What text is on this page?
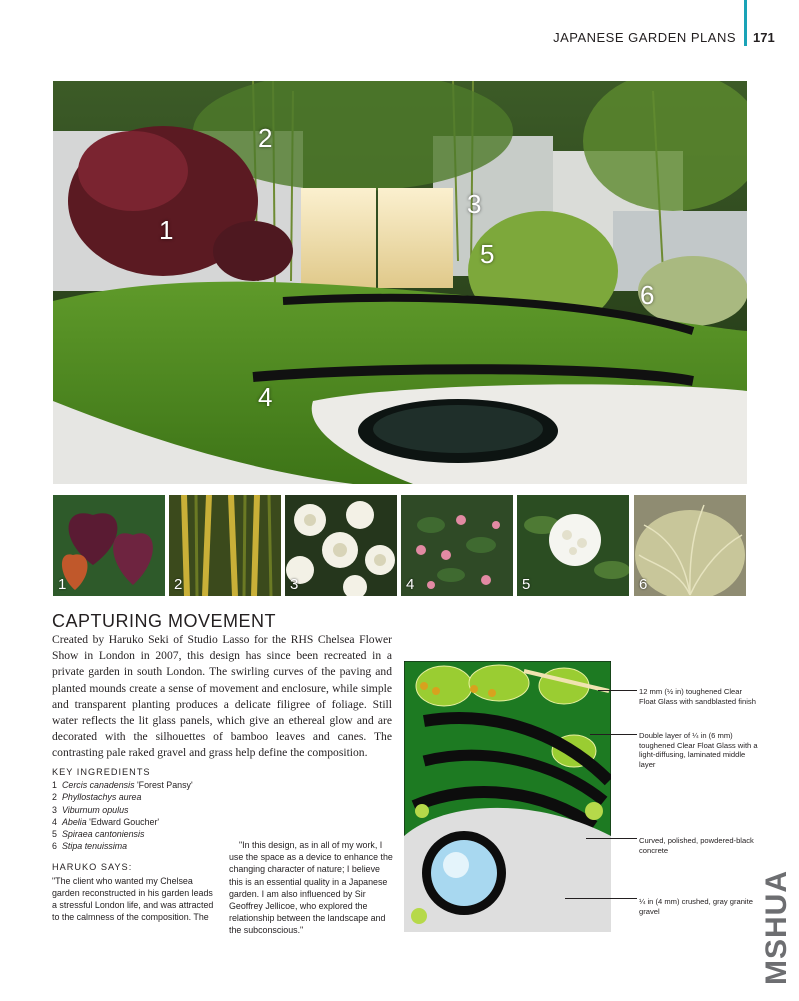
JAPANESE GARDEN PLANS 171
1
2
3
4
5
6
1	2	3	4	5	6
CAPTURING MOVEMENT

Created by Haruko Seki of Studio Lasso for the RHS Chelsea Flower Show in London in 2007, this design has since been recreated in a private garden in south London. The swirling curves of the paving and planted mounds create a sense of movement and enclosure, while simple and transparent planting produces a delicate filigree of foliage. Still water reflects the lit glass panels, which give an ethereal glow and are decorated with the silhouettes of bamboo leaves and canes. The contrasting pale raked gravel and grass help define the composition.

KEY INGREDIENTS
1 Cercis canadensis 'Forest Pansy'
2 Phyllostachys aurea
3 Viburnum opulus
4 Abelia 'Edward Goucher'
5 Spiraea cantoniensis
6 Stipa tenuissima
HARUKO SAYS:

"The client who wanted my Chelsea garden reconstructed in his garden leads a stressful London life, and was attracted to the calmness of the composition. The

"In this design, as in all of my work, I use the space as a device to enhance the changing character of nature; I believe this is an essential quality in a Japanese garden. I am also influenced by Sir Geoffrey Jellicoe, who explored the relationship between the landscape and the subconscious."

12 mm (½ in) toughened Clear Float Glass with sandblasted finish
Double layer of ¼ in (6 mm) toughened Clear Float Glass with a light-diffusing, laminated middle layer
Curved, polished, powdered-black concrete
¼ in (4 mm) crushed, gray granite gravel	MSHUA
